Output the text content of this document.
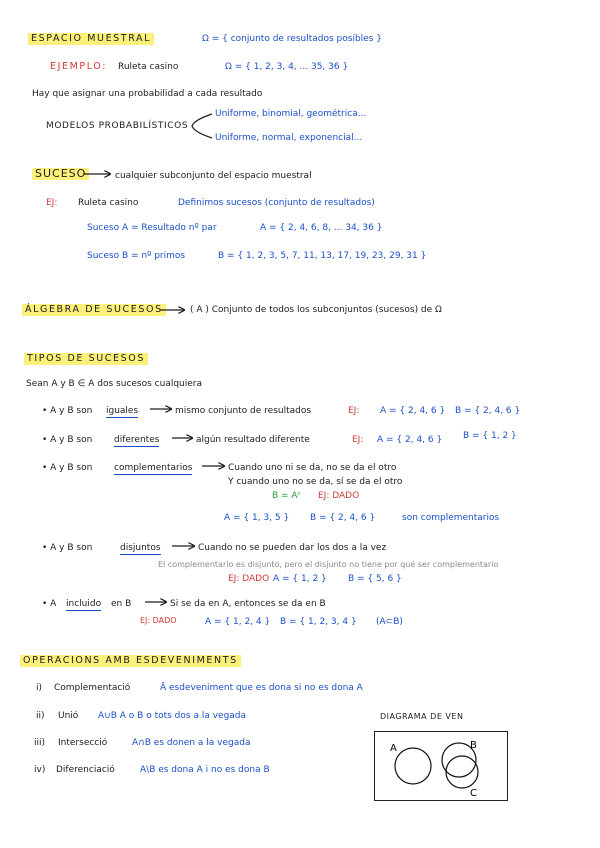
ESPACIO MUESTRAL	Ω = { conjunto de resultados posibles }
EJEMPLO: Ruleta casino	Ω = { 1, 2, 3, 4, ... 35, 36 }
Hay que asignar una probabilidad a cada resultado
MODELOS PROBABILÍSTICOS
Uniforme, binomial, geométrica...
Uniforme, normal, exponencial...
SUCESO	cualquier subconjunto del espacio muestral
EJ: Ruleta casino	Definimos sucesos (conjunto de resultados)
Suceso A = Resultado nº par	A = { 2, 4, 6, 8, ... 34, 36 }
Suceso B = nº primos	B = { 1, 2, 3, 5, 7, 11, 13, 17, 19, 23, 29, 31 }
ÁLGEBRA DE SUCESOS	( A ) Conjunto de todos los subconjuntos (sucesos) de Ω
TIPOS DE SUCESOS
Sean A y B ∈ A dos sucesos cualquiera
• A y B son iguales	mismo conjunto de resultados	EJ: A = { 2, 4, 6 } B = { 2, 4, 6 }
• A y B son diferentes	algún resultado diferente	EJ: A = { 2, 4, 6 } B = { 1, 2 }
• A y B son complementarios	Cuando uno ni se da, no se da el otro
Y cuando uno no se da, sí se da el otro
B = Aᶜ EJ: DADO
A = { 1, 3, 5 } B = { 2, 4, 6 }	son complementarios
• A y B son	disjuntos	Cuando no se pueden dar los dos a la vez
El complementario es disjunto, pero el disjunto no tiene por qué ser complementario
EJ: DADO A = { 1, 2 } B = { 5, 6 }
• A incluido en B	Si se da en A, entonces se da en B
EJ: DADO	A = { 1, 2, 4 } B = { 1, 2, 3, 4 } (A⊂B)
OPERACIONS AMB ESDEVENIMENTS
i) Complementació	Ā esdeveniment que es dona si no es dona A
ii) Unió A∪B A o B o tots dos a la vegada
iii) Intersecció	A∩B es donen a la vegada
iv) Diferenciació	A\B es dona A i no es dona B
DIAGRAMA DE VEN
A	B
C
